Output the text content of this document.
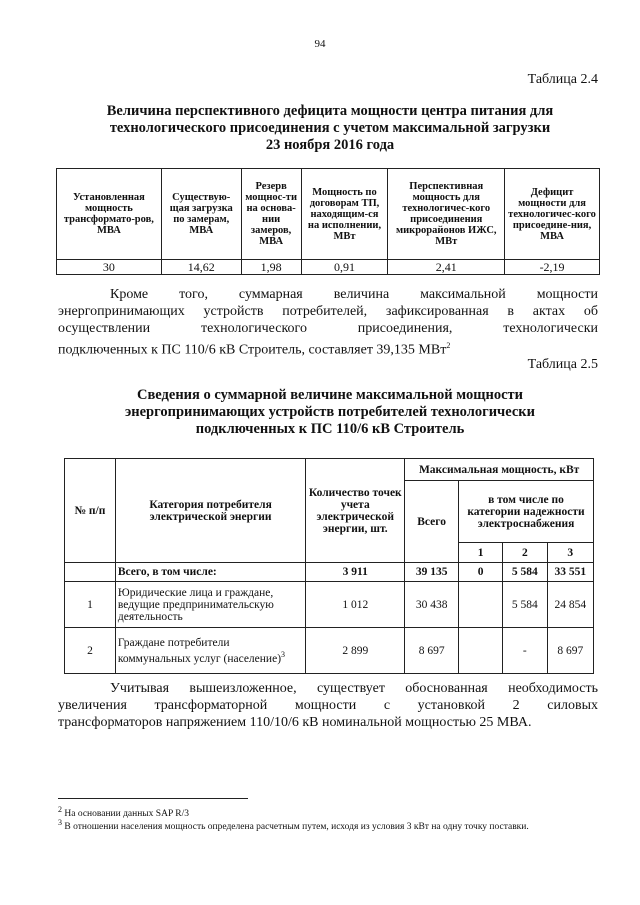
94
Таблица 2.4
Величина перспективного дефицита мощности центра питания для
технологического присоединения с учетом максимальной загрузки
23 ноября 2016 года
Установленная мощность трансформато-ров, МВА	Существую-щая загрузка по замерам, МВА	Резерв мощнос-ти на основа-нии замеров, МВА	Мощность по договорам ТП, находящим-ся на исполнении, МВт	Перспективная мощность для технологичес-кого присоединения микрорайонов ИЖС, МВт	Дефицит мощности для технологичес-кого присоедине-ния, МВА
30	14,62	1,98	0,91	2,41	-2,19
Кроме того, суммарная величина максимальной мощности
энергопринимающих устройств потребителей, зафиксированная в актах об
осуществлении технологического присоединения, технологически
подключенных к ПС 110/6 кВ Строитель, составляет 39,135 МВт$^2$
Таблица 2.5
Сведения о суммарной величине максимальной мощности
энергопринимающих устройств потребителей технологически
подключенных к ПС 110/6 кВ Строитель
№ п/п	Категория потребителя электрической энергии	Количество точек учета электрической энергии, шт.	Максимальная мощность, кВт			
			Всего	в том числе по категории надежности электроснабжения		
				1	2	3
	Всего, в том числе:	3 911	39 135	0	5 584	33 551
1	Юридические лица и граждане, ведущие предпринимательскую деятельность	1 012	30 438		5 584	24 854
2	Граждане потребители коммунальных услуг (население)$^3$	2 899	8 697		-	8 697
Учитывая вышеизложенное, существует обоснованная необходимость
увеличения трансформаторной мощности с установкой 2 силовых
трансформаторов напряжением 110/10/6 кВ номинальной мощностью 25 МВА.
$^2$ На основании данных SAP R/3
$^3$ В отношении населения мощность определена расчетным путем, исходя из условия 3 кВт на одну точку поставки.
